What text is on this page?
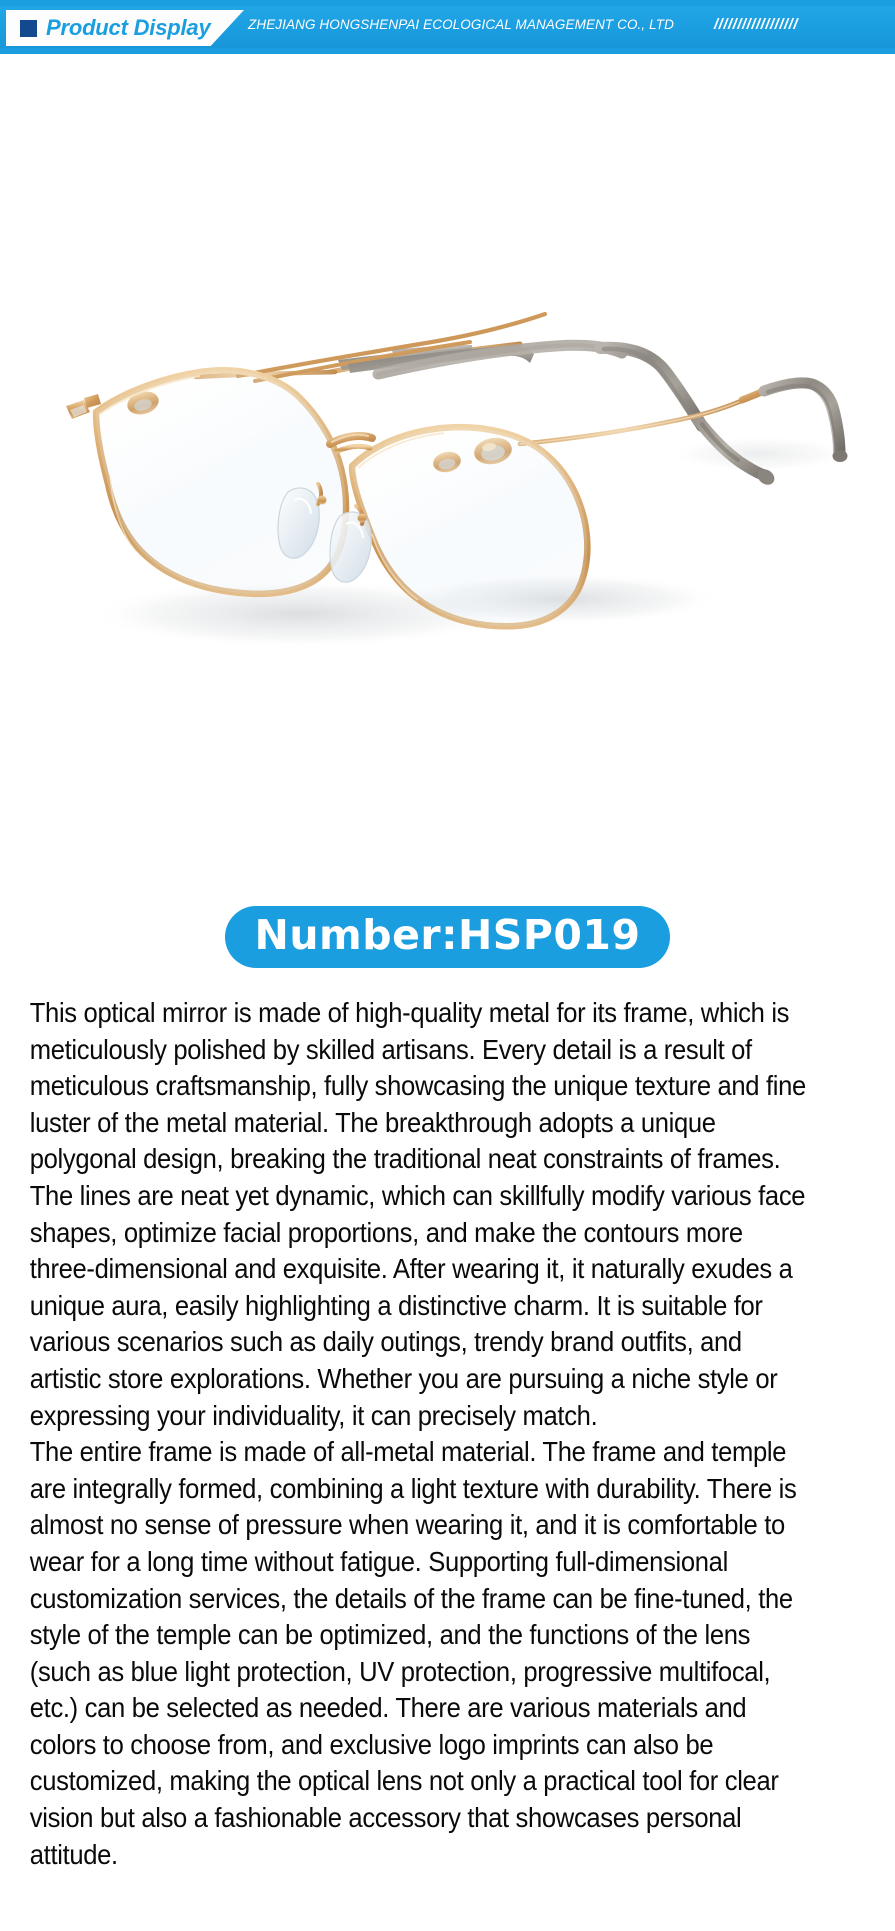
Product Display	ZHEJIANG HONGSHENPAI ECOLOGICAL MANAGEMENT CO., LTD	//////////////////
Number:HSP019

This optical mirror is made of high-quality metal for its frame, which is meticulously polished by skilled artisans. Every detail is a result of meticulous craftsmanship, fully showcasing the unique texture and fine luster of the metal material. The breakthrough adopts a unique polygonal design, breaking the traditional neat constraints of frames. The lines are neat yet dynamic, which can skillfully modify various face shapes, optimize facial proportions, and make the contours more three-dimensional and exquisite. After wearing it, it naturally exudes a unique aura, easily highlighting a distinctive charm. It is suitable for various scenarios such as daily outings, trendy brand outfits, and artistic store explorations. Whether you are pursuing a niche style or expressing your individuality, it can precisely match.

The entire frame is made of all-metal material. The frame and temple are integrally formed, combining a light texture with durability. There is almost no sense of pressure when wearing it, and it is comfortable to wear for a long time without fatigue. Supporting full-dimensional customization services, the details of the frame can be fine-tuned, the style of the temple can be optimized, and the functions of the lens (such as blue light protection, UV protection, progressive multifocal, etc.) can be selected as needed. There are various materials and colors to choose from, and exclusive logo imprints can also be customized, making the optical lens not only a practical tool for clear vision but also a fashionable accessory that showcases personal attitude.
